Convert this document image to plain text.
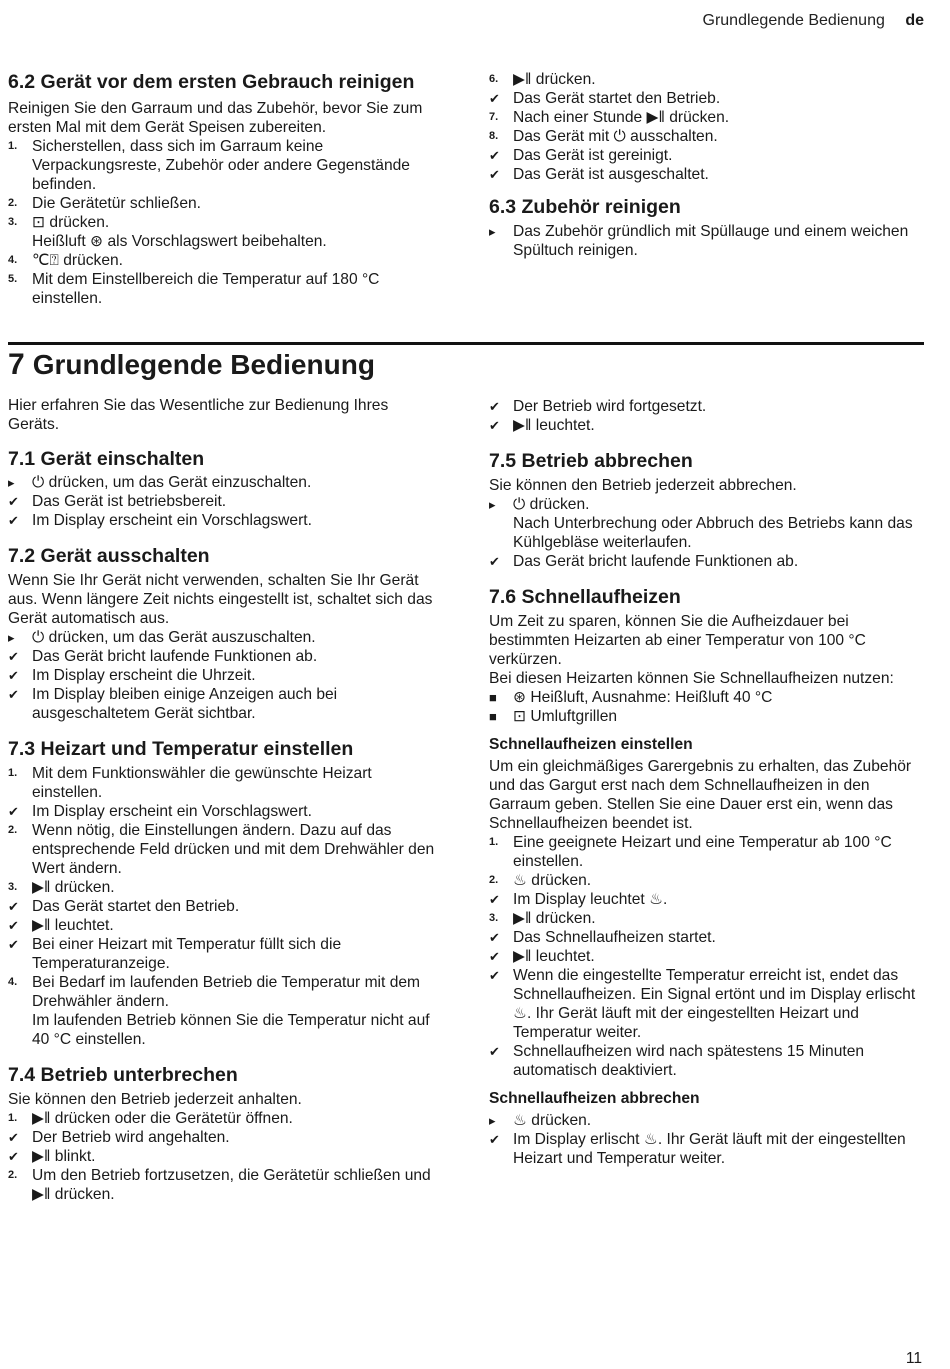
Grundlegende Bedienung de
6.2 Gerät vor dem ersten Gebrauch reinigen

Reinigen Sie den Garraum und das Zubehör, bevor Sie zum ersten Mal mit dem Gerät Speisen zubereiten.

1. Sicherstellen, dass sich im Garraum keine Verpackungsreste, Zubehör oder andere Gegenstände befinden.
2. Die Gerätetür schließen.
3. ⊡ drücken.
Heißluft ⊛ als Vorschlagswert beibehalten.
4. ℃⍰ drücken.
5. Mit dem Einstellbereich die Temperatur auf 180 °C einstellen.
6. ▶ǁ drücken.
✔ Das Gerät startet den Betrieb.
7. Nach einer Stunde ▶ǁ drücken.
8. Das Gerät mit ⏻ ausschalten.
✔ Das Gerät ist gereinigt.
✔ Das Gerät ist ausgeschaltet.
6.3 Zubehör reinigen
▸	Das Zubehör gründlich mit Spüllauge und einem weichen Spültuch reinigen.
7 Grundlegende Bedienung

Hier erfahren Sie das Wesentliche zur Bedienung Ihres Geräts.

7.1 Gerät einschalten
▸	⏻ drücken, um das Gerät einzuschalten.
✔ Das Gerät ist betriebsbereit.
✔ Im Display erscheint ein Vorschlagswert.
7.2 Gerät ausschalten

Wenn Sie Ihr Gerät nicht verwenden, schalten Sie Ihr Gerät aus. Wenn längere Zeit nichts eingestellt ist, schaltet sich das Gerät automatisch aus.

▸	⏻ drücken, um das Gerät auszuschalten.
✔ Das Gerät bricht laufende Funktionen ab.
✔ Im Display erscheint die Uhrzeit.
✔ Im Display bleiben einige Anzeigen auch bei ausgeschaltetem Gerät sichtbar.
7.3 Heizart und Temperatur einstellen
1. Mit dem Funktionswähler die gewünschte Heizart einstellen.
✔ Im Display erscheint ein Vorschlagswert.
2. Wenn nötig, die Einstellungen ändern. Dazu auf das entsprechende Feld drücken und mit dem Drehwähler den Wert ändern.
3. ▶ǁ drücken.
✔ Das Gerät startet den Betrieb.
✔ ▶ǁ leuchtet.
✔ Bei einer Heizart mit Temperatur füllt sich die Temperaturanzeige.
4. Bei Bedarf im laufenden Betrieb die Temperatur mit dem Drehwähler ändern.
Im laufenden Betrieb können Sie die Temperatur nicht auf 40 °C einstellen.
7.4 Betrieb unterbrechen

Sie können den Betrieb jederzeit anhalten.

1. ▶ǁ drücken oder die Gerätetür öffnen.
✔ Der Betrieb wird angehalten.
✔ ▶ǁ blinkt.
2. Um den Betrieb fortzusetzen, die Gerätetür schließen und ▶ǁ drücken.
✔ Der Betrieb wird fortgesetzt.
✔ ▶ǁ leuchtet.
7.5 Betrieb abbrechen

Sie können den Betrieb jederzeit abbrechen.

▸	⏻ drücken.
Nach Unterbrechung oder Abbruch des Betriebs kann das Kühlgebläse weiterlaufen.
✔ Das Gerät bricht laufende Funktionen ab.
7.6 Schnellaufheizen

Um Zeit zu sparen, können Sie die Aufheizdauer bei bestimmten Heizarten ab einer Temperatur von 100 °C verkürzen.

Bei diesen Heizarten können Sie Schnellaufheizen nutzen:

■	⊛ Heißluft, Ausnahme: Heißluft 40 °C
■	⊡ Umluftgrillen
Schnellaufheizen einstellen

Um ein gleichmäßiges Garergebnis zu erhalten, das Zubehör und das Gargut erst nach dem Schnellaufheizen in den Garraum geben. Stellen Sie eine Dauer erst ein, wenn das Schnellaufheizen beendet ist.

1. Eine geeignete Heizart und eine Temperatur ab 100 °C einstellen.
2. ♨ drücken.
✔ Im Display leuchtet ♨.
3. ▶ǁ drücken.
✔ Das Schnellaufheizen startet.
✔ ▶ǁ leuchtet.
✔ Wenn die eingestellte Temperatur erreicht ist, endet das Schnellaufheizen. Ein Signal ertönt und im Display erlischt ♨. Ihr Gerät läuft mit der eingestellten Heizart und Temperatur weiter.
✔ Schnellaufheizen wird nach spätestens 15 Minuten automatisch deaktiviert.
Schnellaufheizen abbrechen
▸	♨ drücken.
✔ Im Display erlischt ♨. Ihr Gerät läuft mit der eingestellten Heizart und Temperatur weiter.
11
